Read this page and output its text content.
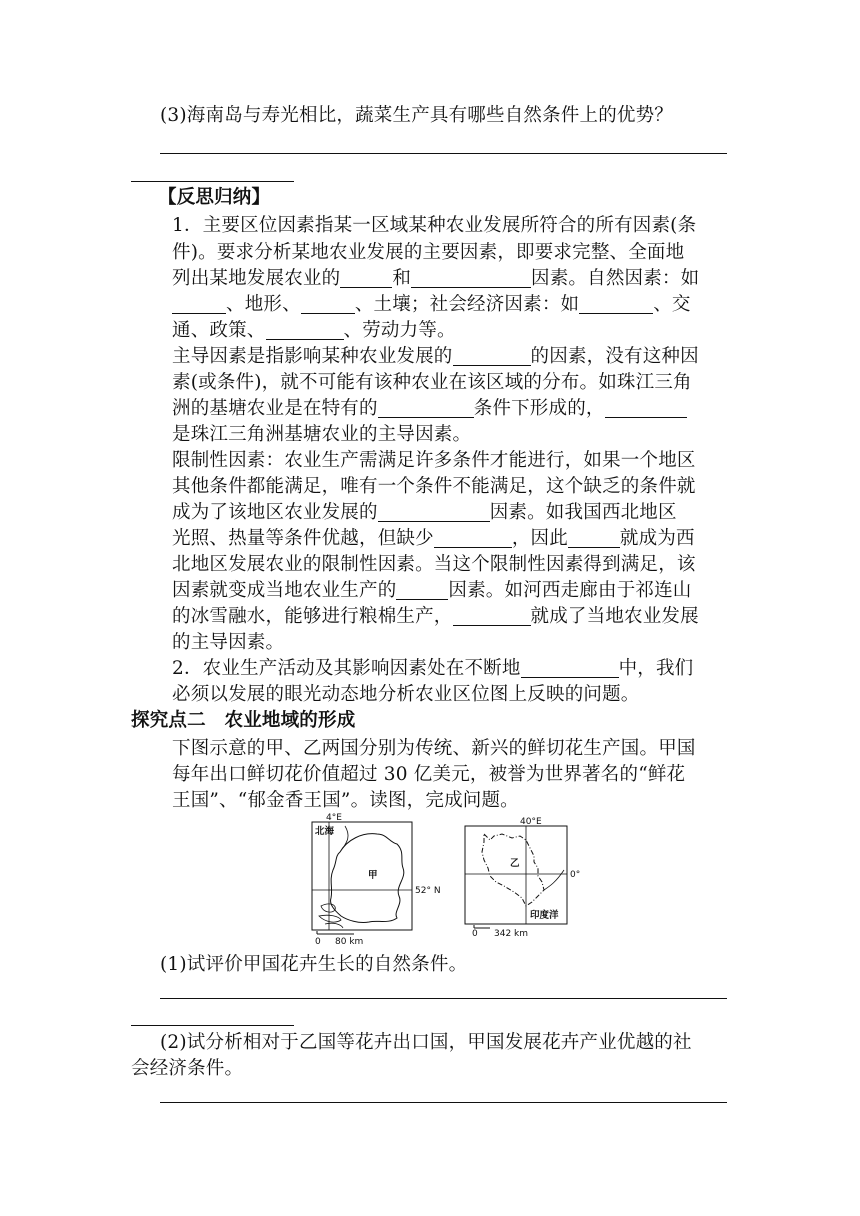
(3)海南岛与寿光相比，蔬菜生产具有哪些自然条件上的优势？
【反思归纳】
1．主要区位因素指某一区域某种农业发展所符合的所有因素(条
件)。要求分析某地农业发展的主要因素，即要求完整、全面地
列出某地发展农业的	和	因素。自然因素：如
、地形、	、土壤；社会经济因素：如	、交
通、政策、	、劳动力等。
主导因素是指影响某种农业发展的	的因素，没有这种因
素(或条件)，就不可能有该种农业在该区域的分布。如珠江三角
洲的基塘农业是在特有的	条件下形成的，
是珠江三角洲基塘农业的主导因素。
限制性因素：农业生产需满足许多条件才能进行，如果一个地区
其他条件都能满足，唯有一个条件不能满足，这个缺乏的条件就
成为了该地区农业发展的	因素。如我国西北地区
光照、热量等条件优越，但缺少	，因此	就成为西
北地区发展农业的限制性因素。当这个限制性因素得到满足，该
因素就变成当地农业生产的	因素。如河西走廊由于祁连山
的冰雪融水，能够进行粮棉生产，	就成了当地农业发展
的主导因素。
2．农业生产活动及其影响因素处在不断地	中，我们
必须以发展的眼光动态地分析农业区位图上反映的问题。
探究点二　农业地域的形成
下图示意的甲、乙两国分别为传统、新兴的鲜切花生产国。甲国
每年出口鲜切花价值超过 30 亿美元，被誉为世界著名的“鲜花
王国”、“郁金香王国”。读图，完成问题。
4°E
北海
甲
52° N
0 80 km
40°E
乙
0°
印度洋
0 342 km
(1)试评价甲国花卉生长的自然条件。
(2)试分析相对于乙国等花卉出口国，甲国发展花卉产业优越的社
会经济条件。
